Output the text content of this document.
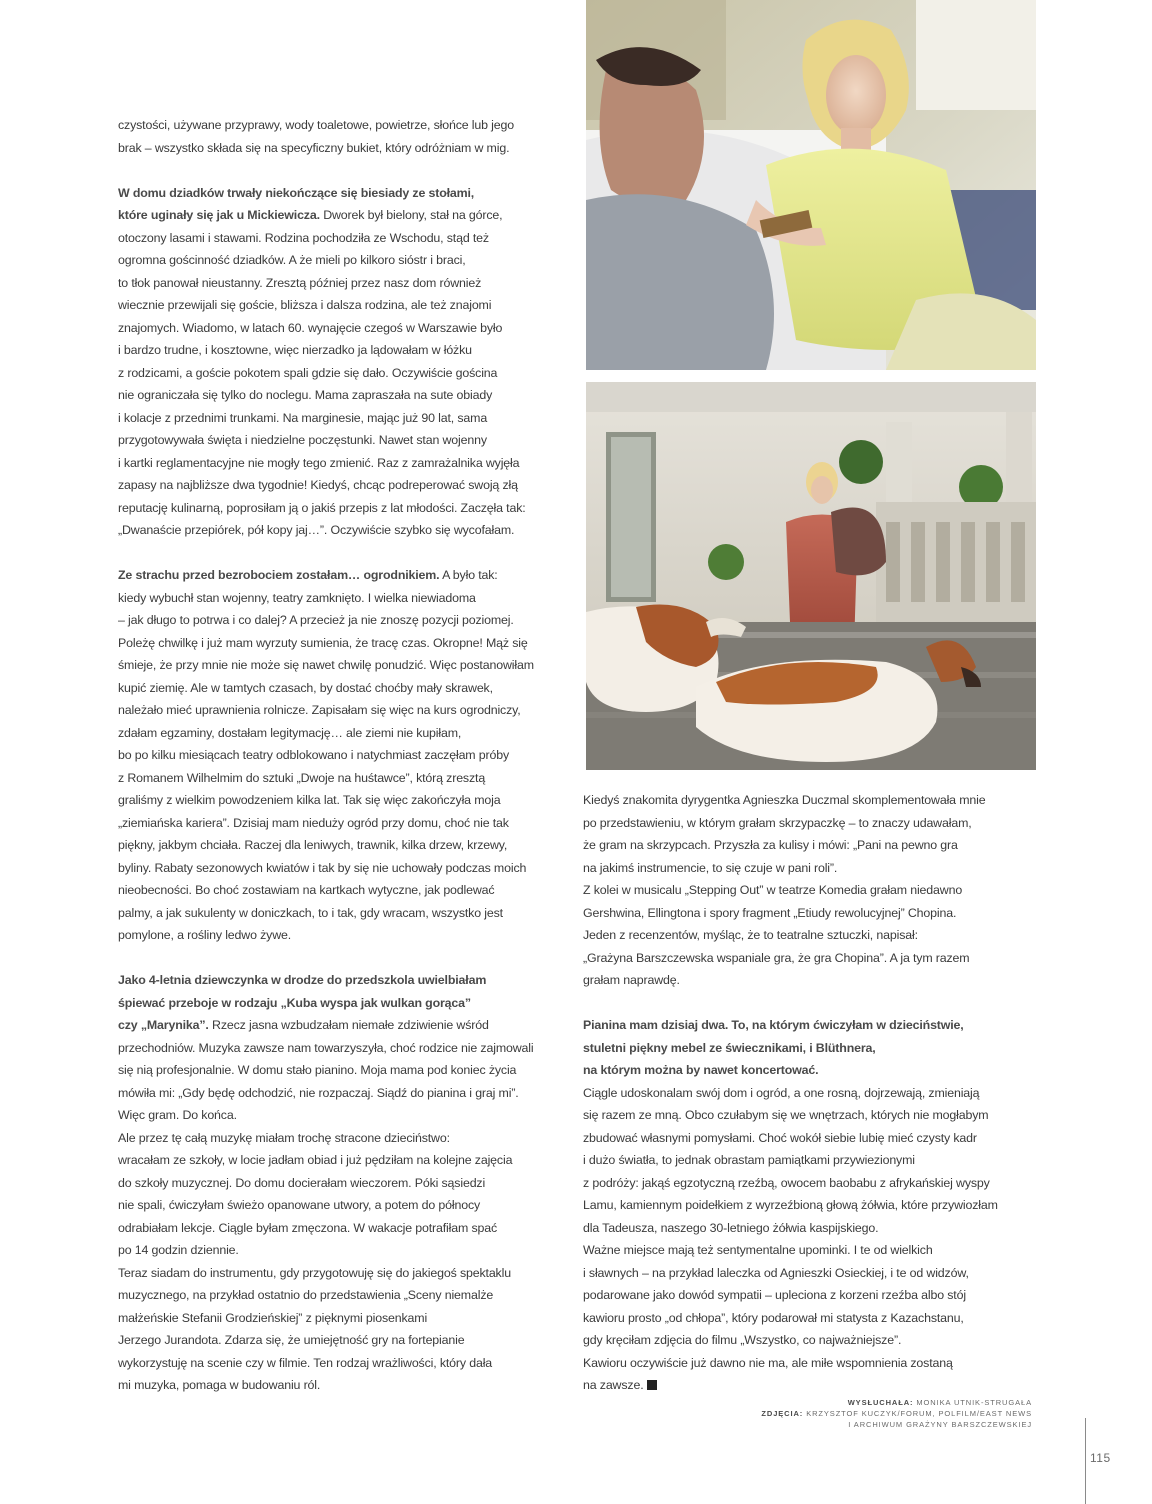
czystości, używane przyprawy, wody toaletowe, powietrze, słońce lub jego

brak – wszystko składa się na specyficzny bukiet, który odróżniam w mig.

W domu dziadków trwały niekończące się biesiady ze stołami,

które uginały się jak u Mickiewicza. Dworek był bielony, stał na górce,

otoczony lasami i stawami. Rodzina pochodziła ze Wschodu, stąd też

ogromna gościnność dziadków. A że mieli po kilkoro sióstr i braci,

to tłok panował nieustanny. Zresztą później przez nasz dom również

wiecznie przewijali się goście, bliższa i dalsza rodzina, ale też znajomi

znajomych. Wiadomo, w latach 60. wynajęcie czegoś w Warszawie było

i bardzo trudne, i kosztowne, więc nierzadko ja lądowałam w łóżku

z rodzicami, a goście pokotem spali gdzie się dało. Oczywiście gościna

nie ograniczała się tylko do noclegu. Mama zapraszała na sute obiady

i kolacje z przednimi trunkami. Na marginesie, mając już 90 lat, sama

przygotowywała święta i niedzielne poczęstunki. Nawet stan wojenny

i kartki reglamentacyjne nie mogły tego zmienić. Raz z zamrażalnika wyjęła

zapasy na najbliższe dwa tygodnie! Kiedyś, chcąc podreperować swoją złą

reputację kulinarną, poprosiłam ją o jakiś przepis z lat młodości. Zaczęła tak:

„Dwanaście przepiórek, pół kopy jaj…”. Oczywiście szybko się wycofałam.

Ze strachu przed bezrobociem zostałam… ogrodnikiem. A było tak:

kiedy wybuchł stan wojenny, teatry zamknięto. I wielka niewiadoma

– jak długo to potrwa i co dalej? A przecież ja nie znoszę pozycji poziomej.

Poleżę chwilkę i już mam wyrzuty sumienia, że tracę czas. Okropne! Mąż się

śmieje, że przy mnie nie może się nawet chwilę ponudzić. Więc postanowiłam

kupić ziemię. Ale w tamtych czasach, by dostać choćby mały skrawek,

należało mieć uprawnienia rolnicze. Zapisałam się więc na kurs ogrodniczy,

zdałam egzaminy, dostałam legitymację… ale ziemi nie kupiłam,

bo po kilku miesiącach teatry odblokowano i natychmiast zaczęłam próby

z Romanem Wilhelmim do sztuki „Dwoje na huśtawce”, którą zresztą

graliśmy z wielkim powodzeniem kilka lat. Tak się więc zakończyła moja

„ziemiańska kariera”. Dzisiaj mam nieduży ogród przy domu, choć nie tak

piękny, jakbym chciała. Raczej dla leniwych, trawnik, kilka drzew, krzewy,

byliny. Rabaty sezonowych kwiatów i tak by się nie uchowały podczas moich

nieobecności. Bo choć zostawiam na kartkach wytyczne, jak podlewać

palmy, a jak sukulenty w doniczkach, to i tak, gdy wracam, wszystko jest

pomylone, a rośliny ledwo żywe.

Jako 4-letnia dziewczynka w drodze do przedszkola uwielbiałam

śpiewać przeboje w rodzaju „Kuba wyspa jak wulkan gorąca”

czy „Marynika”. Rzecz jasna wzbudzałam niemałe zdziwienie wśród

przechodniów. Muzyka zawsze nam towarzyszyła, choć rodzice nie zajmowali

się nią profesjonalnie. W domu stało pianino. Moja mama pod koniec życia

mówiła mi: „Gdy będę odchodzić, nie rozpaczaj. Siądź do pianina i graj mi”.

Więc gram. Do końca.

Ale przez tę całą muzykę miałam trochę stracone dzieciństwo:

wracałam ze szkoły, w locie jadłam obiad i już pędziłam na kolejne zajęcia

do szkoły muzycznej. Do domu docierałam wieczorem. Póki sąsiedzi

nie spali, ćwiczyłam świeżo opanowane utwory, a potem do północy

odrabiałam lekcje. Ciągle byłam zmęczona. W wakacje potrafiłam spać

po 14 godzin dziennie.

Teraz siadam do instrumentu, gdy przygotowuję się do jakiegoś spektaklu

muzycznego, na przykład ostatnio do przedstawienia „Sceny niemalże

małżeńskie Stefanii Grodzieńskiej” z pięknymi piosenkami

Jerzego Jurandota. Zdarza się, że umiejętność gry na fortepianie

wykorzystuję na scenie czy w filmie. Ten rodzaj wrażliwości, który dała

mi muzyka, pomaga w budowaniu ról.

Kiedyś znakomita dyrygentka Agnieszka Duczmal skomplementowała mnie

po przedstawieniu, w którym grałam skrzypaczkę – to znaczy udawałam,

że gram na skrzypcach. Przyszła za kulisy i mówi: „Pani na pewno gra

na jakimś instrumencie, to się czuje w pani roli”.

Z kolei w musicalu „Stepping Out” w teatrze Komedia grałam niedawno

Gershwina, Ellingtona i spory fragment „Etiudy rewolucyjnej” Chopina.

Jeden z recenzentów, myśląc, że to teatralne sztuczki, napisał:

„Grażyna Barszczewska wspaniale gra, że gra Chopina”. A ja tym razem

grałam naprawdę.

Pianina mam dzisiaj dwa. To, na którym ćwiczyłam w dzieciństwie,

stuletni piękny mebel ze świecznikami, i Blüthnera,

na którym można by nawet koncertować.

Ciągle udoskonalam swój dom i ogród, a one rosną, dojrzewają, zmieniają

się razem ze mną. Obco czułabym się we wnętrzach, których nie mogłabym

zbudować własnymi pomysłami. Choć wokół siebie lubię mieć czysty kadr

i dużo światła, to jednak obrastam pamiątkami przywiezionymi

z podróży: jakąś egzotyczną rzeźbą, owocem baobabu z afrykańskiej wyspy

Lamu, kamiennym poidełkiem z wyrzeźbioną głową żółwia, które przywiozłam

dla Tadeusza, naszego 30-letniego żółwia kaspijskiego.

Ważne miejsce mają też sentymentalne upominki. I te od wielkich

i sławnych – na przykład laleczka od Agnieszki Osieckiej, i te od widzów,

podarowane jako dowód sympatii – upleciona z korzeni rzeźba albo stój

kawioru prosto „od chłopa”, który podarował mi statysta z Kazachstanu,

gdy kręciłam zdjęcia do filmu „Wszystko, co najważniejsze”.

Kawioru oczywiście już dawno nie ma, ale miłe wspomnienia zostaną

na zawsze.

WYSŁUCHAŁA: MONIKA UTNIK-STRUGAŁA
ZDJĘCIA: KRZYSZTOF KUCZYK/FORUM, POLFILM/EAST NEWS
I ARCHIWUM GRAŻYNY BARSZCZEWSKIEJ
115
